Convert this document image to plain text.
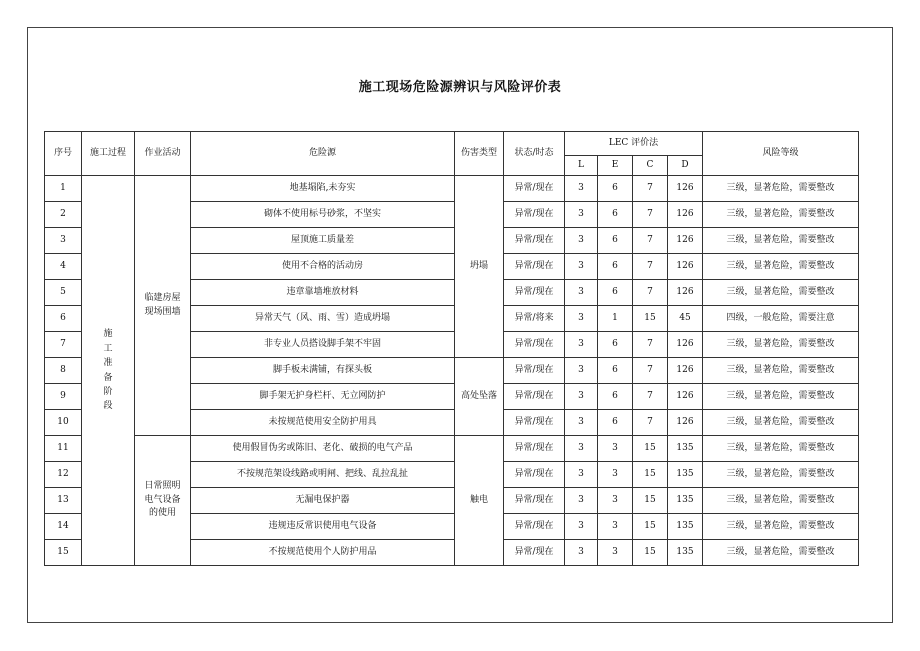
施工现场危险源辨识与风险评价表
序号	施工过程	作业活动	危险源	伤害类型	状态/时态	LEC 评价法				风险等级
						L	E	C	D	
1	施工准备阶段	临建房屋现场围墙	地基塌陷,未夯实	坍塌	异常/现在	3	6	7	126	三级，显著危险，需要整改
2			砌体不使用标号砂浆，不坚实		异常/现在	3	6	7	126	三级，显著危险，需要整改
3			屋顶施工质量差		异常/现在	3	6	7	126	三级，显著危险，需要整改
4			使用不合格的活动房		异常/现在	3	6	7	126	三级，显著危险，需要整改
5			违章靠墙堆放材料		异常/现在	3	6	7	126	三级，显著危险，需要整改
6			异常天气（风、雨、雪）造成坍塌		异常/将来	3	1	15	45	四级，一般危险，需要注意
7			非专业人员搭设脚手架不牢固		异常/现在	3	6	7	126	三级，显著危险，需要整改
8			脚手板未满铺，有探头板	高处坠落	异常/现在	3	6	7	126	三级，显著危险，需要整改
9			脚手架无护身栏杆、无立网防护		异常/现在	3	6	7	126	三级，显著危险，需要整改
10			未按规范使用安全防护用具		异常/现在	3	6	7	126	三级，显著危险，需要整改
11		日常照明电气设备的使用	使用假冒伪劣或陈旧、老化、破损的电气产品	触电	异常/现在	3	3	15	135	三级，显著危险，需要整改
12			不按规范架设线路或明闸、把线、乱拉乱扯		异常/现在	3	3	15	135	三级，显著危险，需要整改
13			无漏电保护器		异常/现在	3	3	15	135	三级，显著危险，需要整改
14			违规违反常识使用电气设备		异常/现在	3	3	15	135	三级，显著危险，需要整改
15			不按规范使用个人防护用品		异常/现在	3	3	15	135	三级，显著危险，需要整改
